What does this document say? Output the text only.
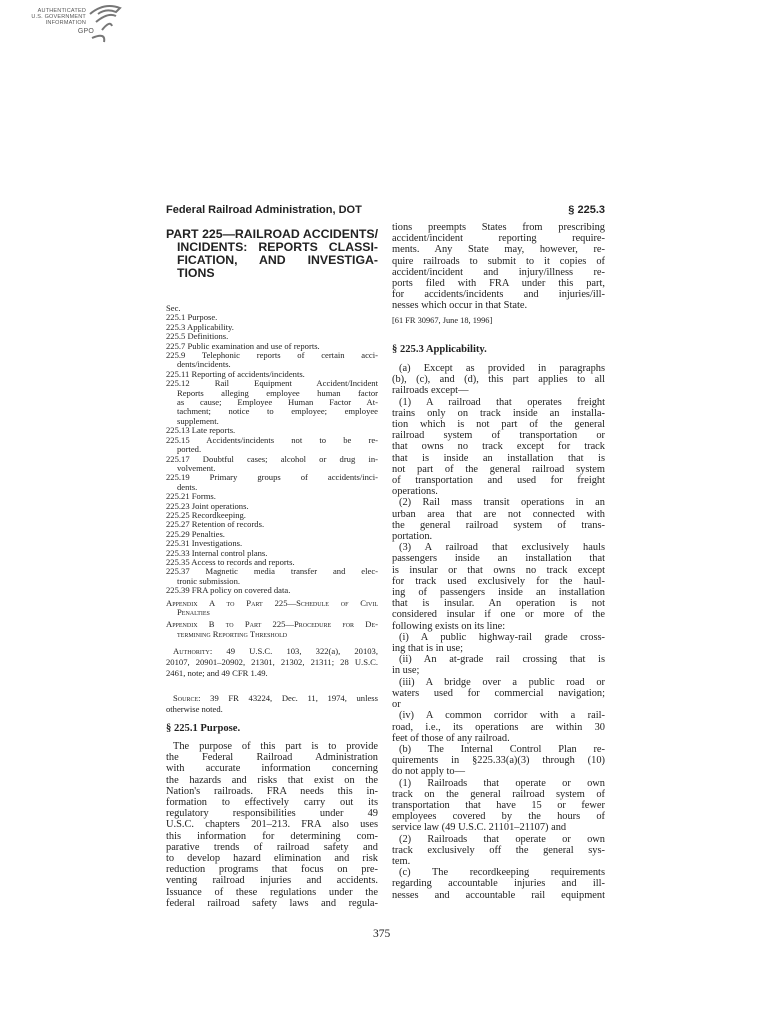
AUTHENTICATED
U.S. GOVERNMENT
INFORMATION
GPO
Federal Railroad Administration, DOT	§ 225.3
PART 225—RAILROAD ACCIDENTS/
INCIDENTS: REPORTS CLASSI-
FICATION, AND INVESTIGA-
TIONS
Sec.
225.1 Purpose.
225.3 Applicability.
225.5 Definitions.
225.7 Public examination and use of reports.
225.9 Telephonic reports of certain acci-
dents/incidents.
225.11 Reporting of accidents/incidents.
225.12 Rail Equipment Accident/Incident
Reports alleging employee human factor
as cause; Employee Human Factor At-
tachment; notice to employee; employee
supplement.
225.13 Late reports.
225.15 Accidents/incidents not to be re-
ported.
225.17 Doubtful cases; alcohol or drug in-
volvement.
225.19 Primary groups of accidents/inci-
dents.
225.21 Forms.
225.23 Joint operations.
225.25 Recordkeeping.
225.27 Retention of records.
225.29 Penalties.
225.31 Investigations.
225.33 Internal control plans.
225.35 Access to records and reports.
225.37 Magnetic media transfer and elec-
tronic submission.
225.39 FRA policy on covered data.
Appendix A to Part 225—Schedule of Civil
Penalties
Appendix B to Part 225—Procedure for De-
termining Reporting Threshold
Authority: 49 U.S.C. 103, 322(a), 20103,
20107, 20901–20902, 21301, 21302, 21311; 28 U.S.C.
2461, note; and 49 CFR 1.49.
Source: 39 FR 43224, Dec. 11, 1974, unless
otherwise noted.
§ 225.1 Purpose.
The purpose of this part is to provide
the Federal Railroad Administration
with accurate information concerning
the hazards and risks that exist on the
Nation's railroads. FRA needs this in-
formation to effectively carry out its
regulatory responsibilities under 49
U.S.C. chapters 201–213. FRA also uses
this information for determining com-
parative trends of railroad safety and
to develop hazard elimination and risk
reduction programs that focus on pre-
venting railroad injuries and accidents.
Issuance of these regulations under the
federal railroad safety laws and regula-
tions preempts States from prescribing
accident/incident reporting require-
ments. Any State may, however, re-
quire railroads to submit to it copies of
accident/incident and injury/illness re-
ports filed with FRA under this part,
for accidents/incidents and injuries/ill-
nesses which occur in that State.
[61 FR 30967, June 18, 1996]
§ 225.3 Applicability.
(a) Except as provided in paragraphs
(b), (c), and (d), this part applies to all
railroads except—
(1) A railroad that operates freight
trains only on track inside an installa-
tion which is not part of the general
railroad system of transportation or
that owns no track except for track
that is inside an installation that is
not part of the general railroad system
of transportation and used for freight
operations.
(2) Rail mass transit operations in an
urban area that are not connected with
the general railroad system of trans-
portation.
(3) A railroad that exclusively hauls
passengers inside an installation that
is insular or that owns no track except
for track used exclusively for the haul-
ing of passengers inside an installation
that is insular. An operation is not
considered insular if one or more of the
following exists on its line:
(i) A public highway-rail grade cross-
ing that is in use;
(ii) An at-grade rail crossing that is
in use;
(iii) A bridge over a public road or
waters used for commercial navigation;
or
(iv) A common corridor with a rail-
road, i.e., its operations are within 30
feet of those of any railroad.
(b) The Internal Control Plan re-
quirements in §225.33(a)(3) through (10)
do not apply to—
(1) Railroads that operate or own
track on the general railroad system of
transportation that have 15 or fewer
employees covered by the hours of
service law (49 U.S.C. 21101–21107) and
(2) Railroads that operate or own
track exclusively off the general sys-
tem.
(c) The recordkeeping requirements
regarding accountable injuries and ill-
nesses and accountable rail equipment
375
